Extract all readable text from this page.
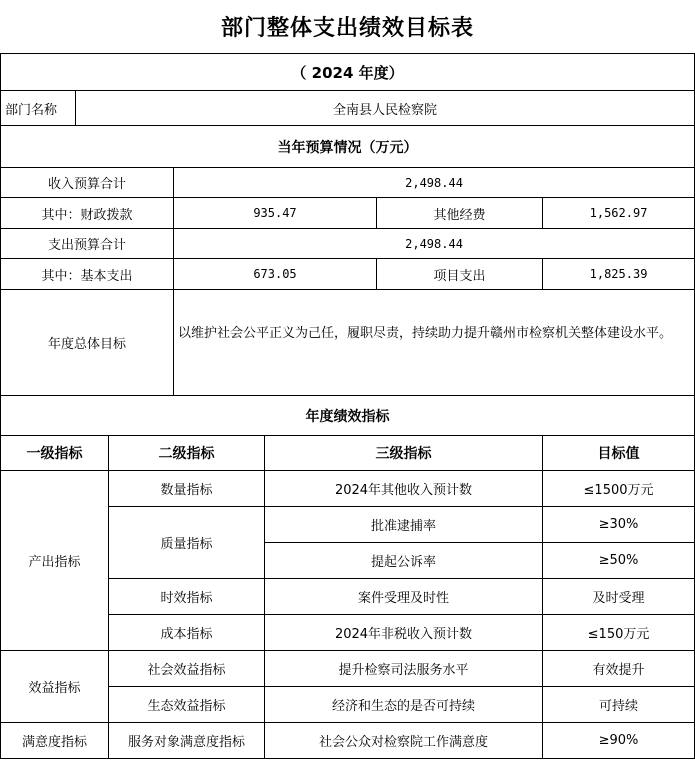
部门整体支出绩效目标表						
（ 2024 年度）						
部门名称	全南县人民检察院					
当年预算情况（万元）						
收入预算合计			2,498.44			
其中：财政拨款			935.47		其他经费	1,562.97
支出预算合计			2,498.44			
其中：基本支出			673.05		项目支出	1,825.39
年度总体目标			以维护社会公平正义为己任，履职尽责，持续助力提升赣州市检察机关整体建设水平。			
年度绩效指标						
一级指标		二级指标		三级指标		目标值
产出指标		数量指标		2024年其他收入预计数		≤1500万元
		质量指标		批准逮捕率		≥30%
				提起公诉率		≥50%
		时效指标		案件受理及时性		及时受理
		成本指标		2024年非税收入预计数		≤150万元
效益指标		社会效益指标		提升检察司法服务水平		有效提升
		生态效益指标		经济和生态的是否可持续		可持续
满意度指标		服务对象满意度指标		社会公众对检察院工作满意度		≥90%
